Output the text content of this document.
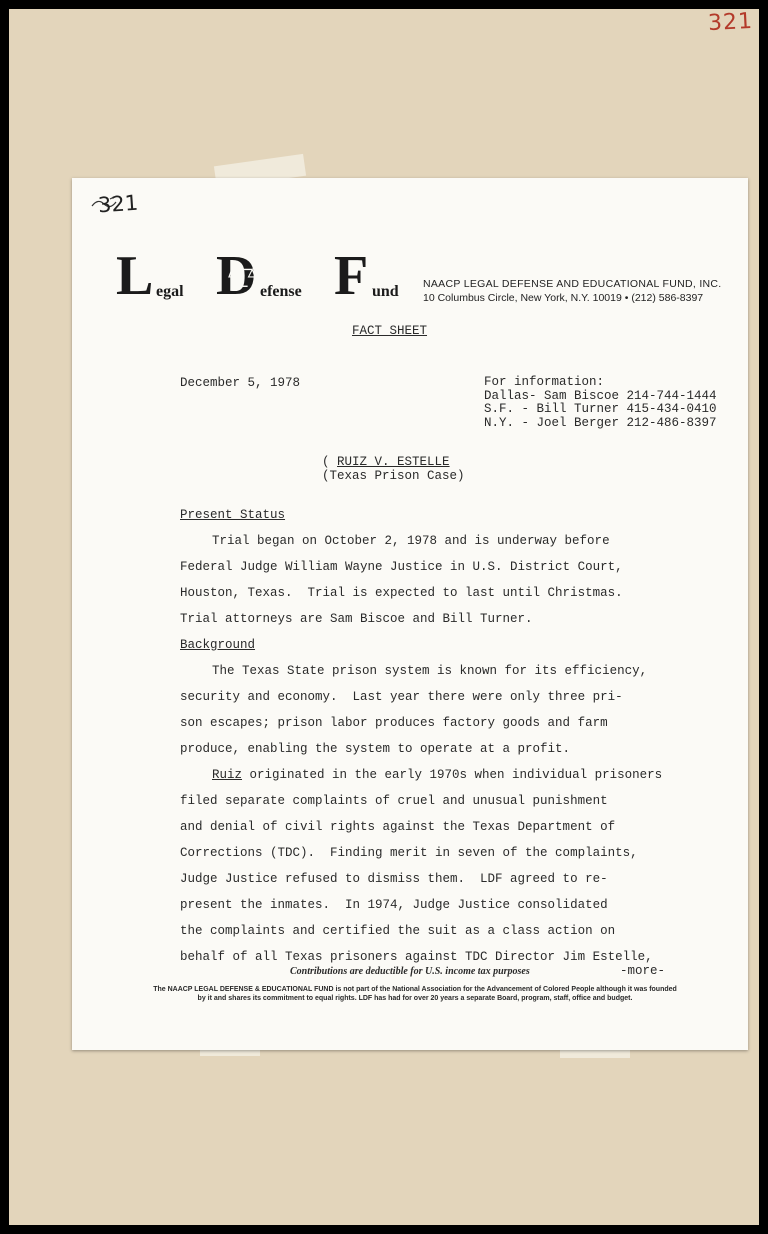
321
321
L egal D efense F und NAACP LEGAL DEFENSE AND EDUCATIONAL FUND, INC.
10 Columbus Circle, New York, N.Y. 10019 • (212) 586-8397
FACT SHEET
December 5, 1978	For information:
Dallas- Sam Biscoe 214-744-1444
S.F. - Bill Turner 415-434-0410
N.Y. - Joel Berger 212-486-8397
( RUIZ V. ESTELLE
(Texas Prison Case)
Present Status
Trial began on October 2, 1978 and is underway before
Federal Judge William Wayne Justice in U.S. District Court,
Houston, Texas.  Trial is expected to last until Christmas.
Trial attorneys are Sam Biscoe and Bill Turner.
Background
The Texas State prison system is known for its efficiency,
security and economy.  Last year there were only three pri-
son escapes; prison labor produces factory goods and farm
produce, enabling the system to operate at a profit.
Ruiz originated in the early 1970s when individual prisoners
filed separate complaints of cruel and unusual punishment
and denial of civil rights against the Texas Department of
Corrections (TDC).  Finding merit in seven of the complaints,
Judge Justice refused to dismiss them.  LDF agreed to re-
present the inmates.  In 1974, Judge Justice consolidated
the complaints and certified the suit as a class action on
behalf of all Texas prisoners against TDC Director Jim Estelle,
Contributions are deductible for U.S. income tax purposes	-more-
The NAACP LEGAL DEFENSE & EDUCATIONAL FUND is not part of the National Association for the Advancement of Colored People although it was founded by it and shares its commitment to equal rights. LDF has had for over 20 years a separate Board, program, staff, office and budget.
